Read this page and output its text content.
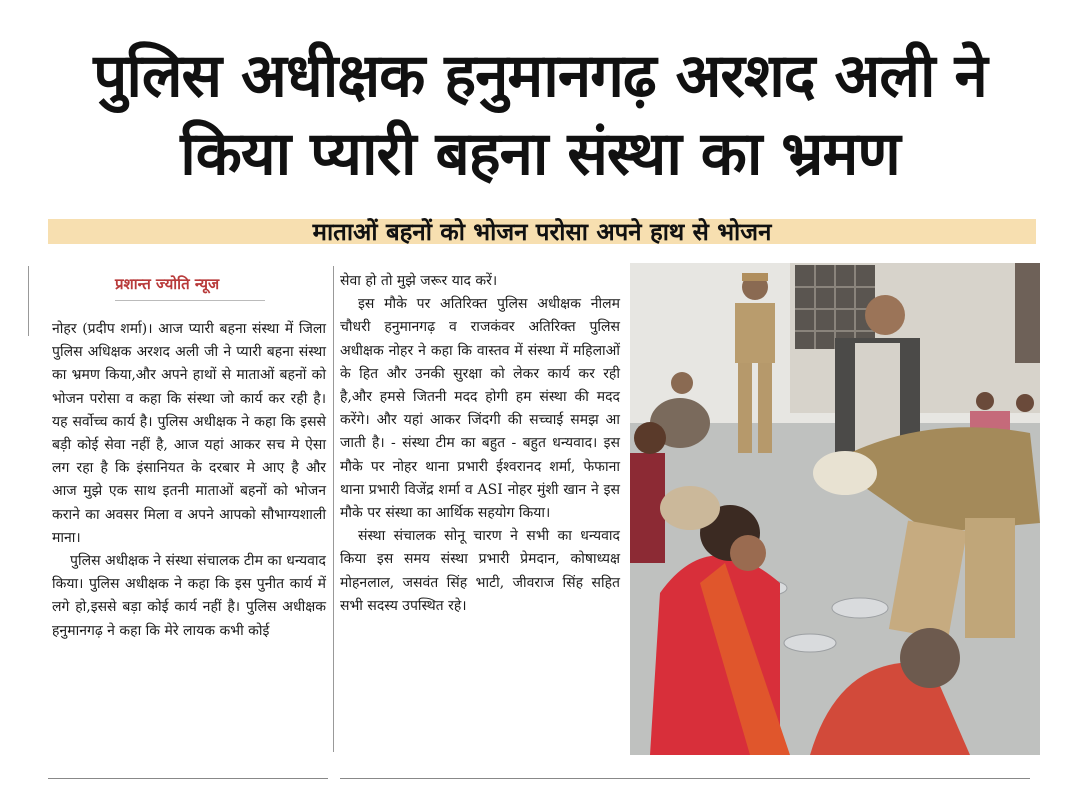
पुलिस अधीक्षक हनुमानगढ़ अरशद अली ने
किया प्यारी बहना संस्था का भ्रमण
माताओं बहनों को भोजन परोसा अपने हाथ से भोजन
प्रशान्त ज्योति न्यूज

नोहर (प्रदीप शर्मा)। आज प्यारी बहना संस्था में जिला पुलिस अधिक्षक अरशद अली जी ने प्यारी बहना संस्था का भ्रमण किया,और अपने हाथों से माताओं बहनों को भोजन परोसा व कहा कि संस्था जो कार्य कर रही है। यह सर्वोच्च कार्य है। पुलिस अधीक्षक ने कहा कि इससे बड़ी कोई सेवा नहीं है, आज यहां आकर सच मे ऐसा लग रहा है कि इंसानियत के दरबार मे आए है और आज मुझे एक साथ इतनी माताओं बहनों को भोजन कराने का अवसर मिला व अपने आपको सौभाग्यशाली माना।

पुलिस अधीक्षक ने संस्था संचालक टीम का धन्यवाद किया। पुलिस अधीक्षक ने कहा कि इस पुनीत कार्य में लगे हो,इससे बड़ा कोई कार्य नहीं है। पुलिस अधीक्षक हनुमानगढ़ ने कहा कि मेरे लायक कभी कोई

सेवा हो तो मुझे जरूर याद करें।

इस मौके पर अतिरिक्त पुलिस अधीक्षक नीलम चौधरी हनुमानगढ़ व राजकंवर अतिरिक्त पुलिस अधीक्षक नोहर ने कहा कि वास्तव में संस्था में महिलाओं के हित और उनकी सुरक्षा को लेकर कार्य कर रही है,और हमसे जितनी मदद होगी हम संस्था की मदद करेंगे। और यहां आकर जिंदगी की सच्चाई समझ आ जाती है। - संस्था टीम का बहुत - बहुत धन्यवाद। इस मौके पर नोहर थाना प्रभारी ईश्वरानद शर्मा, फेफाना थाना प्रभारी विजेंद्र शर्मा व ASI नोहर मुंशी खान ने इस मौके पर संस्था का आर्थिक सहयोग किया।

संस्था संचालक सोनू चारण ने सभी का धन्यवाद किया इस समय संस्था प्रभारी प्रेमदान, कोषाध्यक्ष मोहनलाल, जसवंत सिंह भाटी, जीवराज सिंह सहित सभी सदस्य उपस्थित रहे।
